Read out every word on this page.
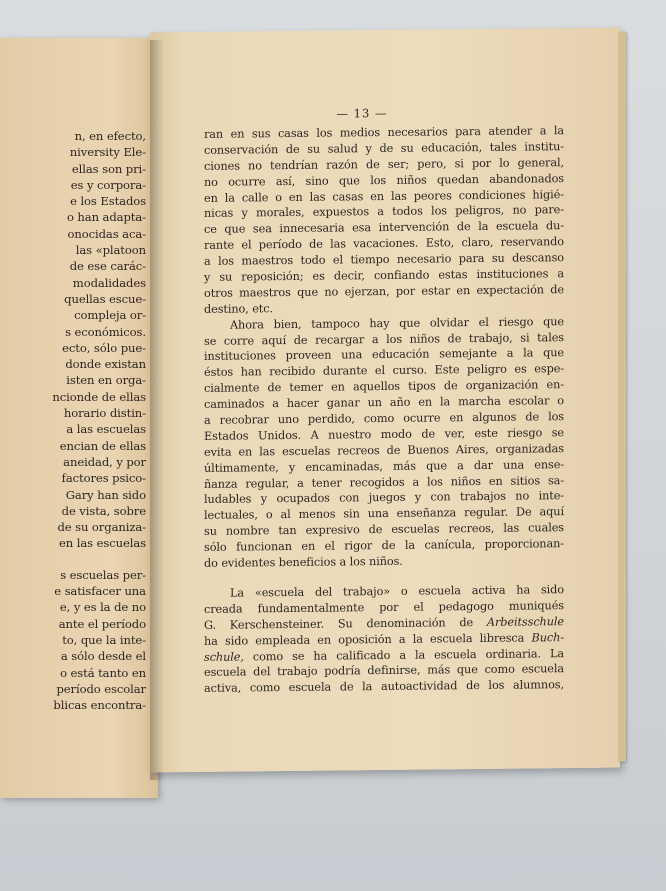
n, en efecto,
niversity Ele-
ellas son pri-
es y corpora-
e los Estados
o han adapta-
onocidas aca-
las «platoon
de ese carác-
modalidades
quellas escue-
compleja or-
s económicos.
ecto, sólo pue-
donde existan
isten en orga-
ncionde de ellas
horario distin-
a las escuelas
encian de ellas
aneidad, y por
factores psico-
Gary han sido
de vista, sobre
de su organiza-
en las escuelas
s escuelas per-
e satisfacer una
e, y es la de no
ante el período
to, que la inte-
a sólo desde el
o está tanto en
período escolar
blicas encontra-
— 13 —
ran en sus casas los medios necesarios para atender a la
conservación de su salud y de su educación, tales institu-
ciones no tendrían razón de ser; pero, si por lo general,
no ocurre así, sino que los niños quedan abandonados
en la calle o en las casas en las peores condiciones higié-
nicas y morales, expuestos a todos los peligros, no pare-
ce que sea innecesaria esa intervención de la escuela du-
rante el período de las vacaciones. Esto, claro, reservando
a los maestros todo el tiempo necesario para su descanso
y su reposición; es decir, confiando estas instituciones a
otros maestros que no ejerzan, por estar en expectación de
destino, etc.
Ahora bien, tampoco hay que olvidar el riesgo que
se corre aquí de recargar a los niños de trabajo, si tales
instituciones proveen una educación semejante a la que
éstos han recibido durante el curso. Este peligro es espe-
cialmente de temer en aquellos tipos de organización en-
caminados a hacer ganar un año en la marcha escolar o
a recobrar uno perdido, como ocurre en algunos de los
Estados Unidos. A nuestro modo de ver, este riesgo se
evita en las escuelas recreos de Buenos Aires, organizadas
últimamente, y encaminadas, más que a dar una ense-
ñanza regular, a tener recogidos a los niños en sitios sa-
ludables y ocupados con juegos y con trabajos no inte-
lectuales, o al menos sin una enseñanza regular. De aquí
su nombre tan expresivo de escuelas recreos, las cuales
sólo funcionan en el rigor de la canícula, proporcionan-
do evidentes beneficios a los niños.
La «escuela del trabajo» o escuela activa ha sido
creada fundamentalmente por el pedagogo muniqués
G. Kerschensteiner. Su denominación de Arbeitsschule
ha sido empleada en oposición a la escuela libresca Buch-
schule, como se ha calificado a la escuela ordinaria. La
escuela del trabajo podría definirse, más que como escuela
activa, como escuela de la autoactividad de los alumnos,
